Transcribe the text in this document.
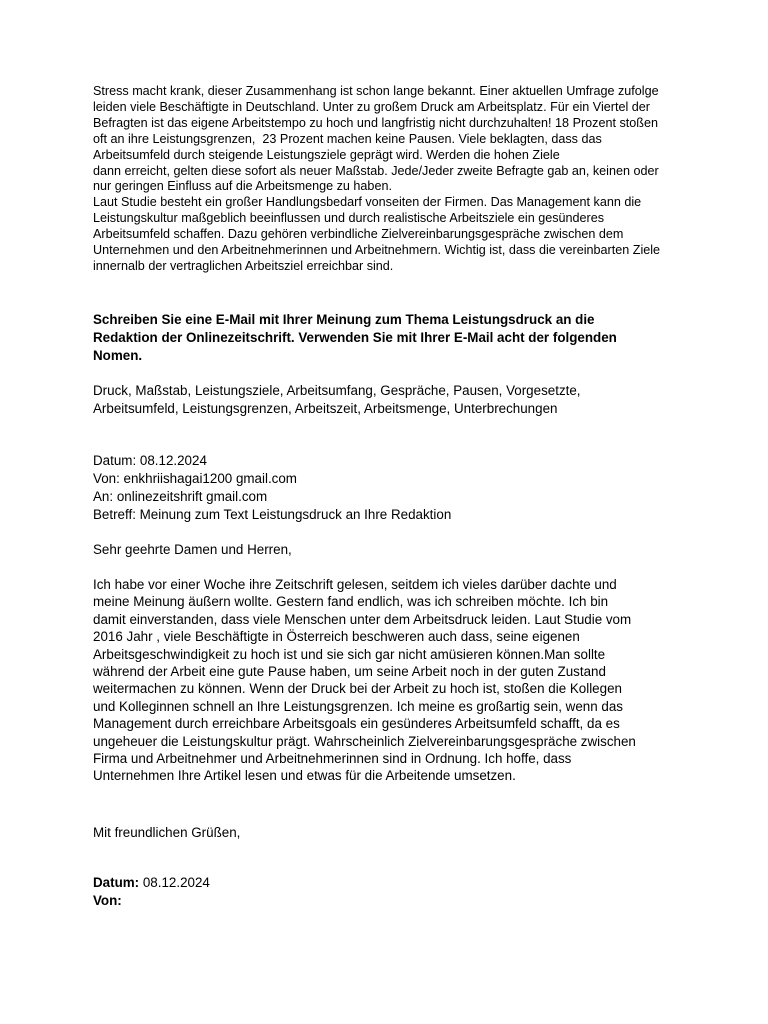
Stress macht krank, dieser Zusammenhang ist schon lange bekannt. Einer aktuellen Umfrage zufolge
leiden viele Beschäftigte in Deutschland. Unter zu großem Druck am Arbeitsplatz. Für ein Viertel der
Befragten ist das eigene Arbeitstempo zu hoch und langfristig nicht durchzuhalten! 18 Prozent stoßen
oft an ihre Leistungsgrenzen,  23 Prozent machen keine Pausen. Viele beklagten, dass das
Arbeitsumfeld durch steigende Leistungsziele geprägt wird. Werden die hohen Ziele
dann erreicht, gelten diese sofort als neuer Maßstab. Jede/Jeder zweite Befragte gab an, keinen oder
nur geringen Einfluss auf die Arbeitsmenge zu haben.
Laut Studie besteht ein großer Handlungsbedarf vonseiten der Firmen. Das Management kann die
Leistungskultur maßgeblich beeinflussen und durch realistische Arbeitsziele ein gesünderes
Arbeitsumfeld schaffen. Dazu gehören verbindliche Zielvereinbarungsgespräche zwischen dem
Unternehmen und den Arbeitnehmerinnen und Arbeitnehmern. Wichtig ist, dass die vereinbarten Ziele
innernalb der vertraglichen Arbeitsziel erreichbar sind.
Schreiben Sie eine E-Mail mit Ihrer Meinung zum Thema Leistungsdruck an die
Redaktion der Onlinezeitschrift. Verwenden Sie mit Ihrer E-Mail acht der folgenden
Nomen.
Druck, Maßstab, Leistungsziele, Arbeitsumfang, Gespräche, Pausen, Vorgesetzte,
Arbeitsumfeld, Leistungsgrenzen, Arbeitszeit, Arbeitsmenge, Unterbrechungen
Datum: 08.12.2024
Von: enkhriishagai1200 gmail.com
An: onlinezeitshrift gmail.com
Betreff: Meinung zum Text Leistungsdruck an Ihre Redaktion
Sehr geehrte Damen und Herren,
Ich habe vor einer Woche ihre Zeitschrift gelesen, seitdem ich vieles darüber dachte und
meine Meinung äußern wollte. Gestern fand endlich, was ich schreiben möchte. Ich bin
damit einverstanden, dass viele Menschen unter dem Arbeitsdruck leiden. Laut Studie vom
2016 Jahr , viele Beschäftigte in Österreich beschweren auch dass, seine eigenen
Arbeitsgeschwindigkeit zu hoch ist und sie sich gar nicht amüsieren können.Man sollte
während der Arbeit eine gute Pause haben, um seine Arbeit noch in der guten Zustand
weitermachen zu können. Wenn der Druck bei der Arbeit zu hoch ist, stoßen die Kollegen
und Kolleginnen schnell an Ihre Leistungsgrenzen. Ich meine es großartig sein, wenn das
Management durch erreichbare Arbeitsgoals ein gesünderes Arbeitsumfeld schafft, da es
ungeheuer die Leistungskultur prägt. Wahrscheinlich Zielvereinbarungsgespräche zwischen
Firma und Arbeitnehmer und Arbeitnehmerinnen sind in Ordnung. Ich hoffe, dass
Unternehmen Ihre Artikel lesen und etwas für die Arbeitende umsetzen.
Mit freundlichen Grüßen,
Datum: 08.12.2024
Von:
